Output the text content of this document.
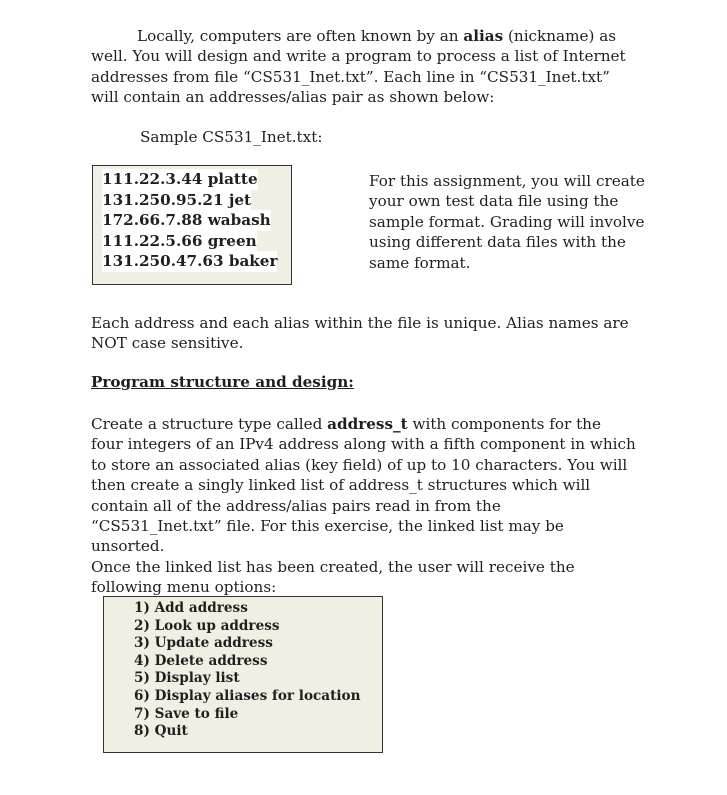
Locally, computers are often known by an alias (nickname) as well. You will design and write a program to process a list of Internet addresses from file “CS531_Inet.txt”. Each line in “CS531_Inet.txt” will contain an addresses/alias pair as shown below:

Sample CS531_Inet.txt:

111.22.3.44 platte
131.250.95.21 jet
172.66.7.88 wabash
111.22.5.66 green
131.250.47.63 baker

For this assignment, you will create your own test data file using the sample format. Grading will involve using different data files with the same format.

Each address and each alias within the file is unique. Alias names are NOT case sensitive.

Program structure and design:

Create a structure type called address_t with components for the four integers of an IPv4 address along with a fifth component in which to store an associated alias (key field) of up to 10 characters. You will then create a singly linked list of address_t structures which will contain all of the address/alias pairs read in from the “CS531_Inet.txt” file. For this exercise, the linked list may be unsorted.
Once the linked list has been created, the user will receive the following menu options:

1) Add address
2) Look up address
3) Update address
4) Delete address
5) Display list
6) Display aliases for location
7) Save to file
8) Quit
